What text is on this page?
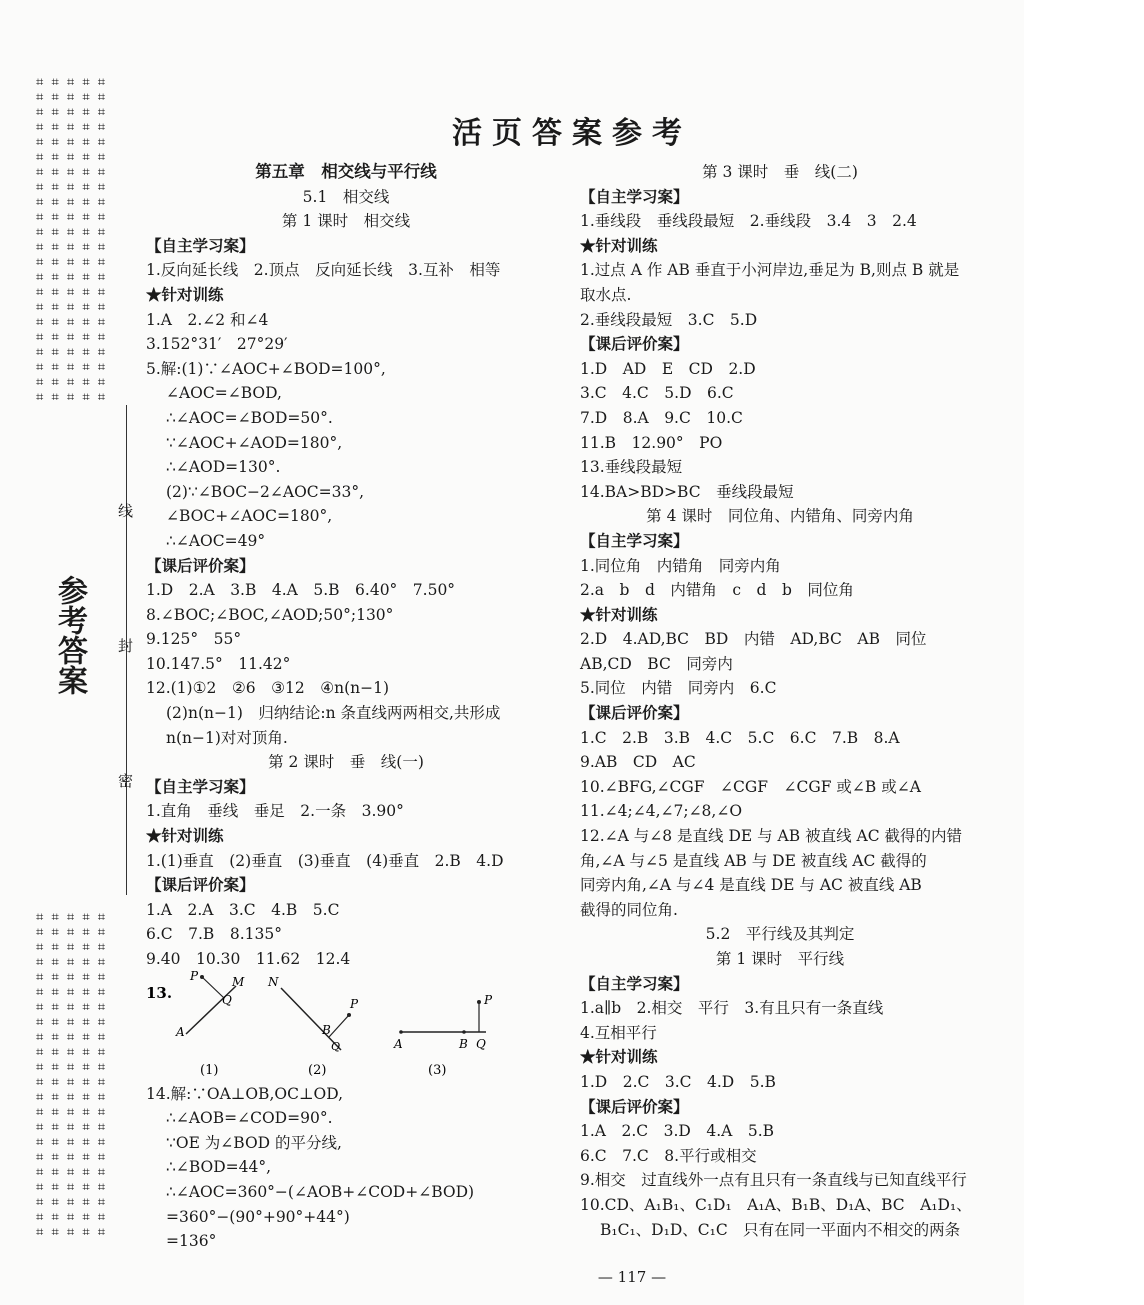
⌗ ⌗ ⌗ ⌗ ⌗
⌗ ⌗ ⌗ ⌗ ⌗
⌗ ⌗ ⌗ ⌗ ⌗
⌗ ⌗ ⌗ ⌗ ⌗
⌗ ⌗ ⌗ ⌗ ⌗
⌗ ⌗ ⌗ ⌗ ⌗
⌗ ⌗ ⌗ ⌗ ⌗
⌗ ⌗ ⌗ ⌗ ⌗
⌗ ⌗ ⌗ ⌗ ⌗
⌗ ⌗ ⌗ ⌗ ⌗
⌗ ⌗ ⌗ ⌗ ⌗
⌗ ⌗ ⌗ ⌗ ⌗
⌗ ⌗ ⌗ ⌗ ⌗
⌗ ⌗ ⌗ ⌗ ⌗
⌗ ⌗ ⌗ ⌗ ⌗
⌗ ⌗ ⌗ ⌗ ⌗
⌗ ⌗ ⌗ ⌗ ⌗
⌗ ⌗ ⌗ ⌗ ⌗
⌗ ⌗ ⌗ ⌗ ⌗
⌗ ⌗ ⌗ ⌗ ⌗
⌗ ⌗ ⌗ ⌗ ⌗
⌗ ⌗ ⌗ ⌗ ⌗

参考答案
⌗ ⌗ ⌗ ⌗ ⌗
⌗ ⌗ ⌗ ⌗ ⌗
⌗ ⌗ ⌗ ⌗ ⌗
⌗ ⌗ ⌗ ⌗ ⌗
⌗ ⌗ ⌗ ⌗ ⌗
⌗ ⌗ ⌗ ⌗ ⌗
⌗ ⌗ ⌗ ⌗ ⌗
⌗ ⌗ ⌗ ⌗ ⌗
⌗ ⌗ ⌗ ⌗ ⌗
⌗ ⌗ ⌗ ⌗ ⌗
⌗ ⌗ ⌗ ⌗ ⌗
⌗ ⌗ ⌗ ⌗ ⌗
⌗ ⌗ ⌗ ⌗ ⌗
⌗ ⌗ ⌗ ⌗ ⌗
⌗ ⌗ ⌗ ⌗ ⌗
⌗ ⌗ ⌗ ⌗ ⌗
⌗ ⌗ ⌗ ⌗ ⌗
⌗ ⌗ ⌗ ⌗ ⌗
⌗ ⌗ ⌗ ⌗ ⌗
⌗ ⌗ ⌗ ⌗ ⌗
⌗ ⌗ ⌗ ⌗ ⌗
⌗ ⌗ ⌗ ⌗ ⌗

线
封
密
活页答案参考
第五章　相交线与平行线
5.1　相交线
第 1 课时　相交线
【自主学习案】
1.反向延长线　2.顶点　反向延长线　3.互补　相等
★针对训练
1.A　2.∠2 和∠4
3.152°31′　27°29′
5.解:(1)∵∠AOC+∠BOD=100°,
∠AOC=∠BOD,
∴∠AOC=∠BOD=50°.
∵∠AOC+∠AOD=180°,
∴∠AOD=130°.
(2)∵∠BOC−2∠AOC=33°,
∠BOC+∠AOC=180°,
∴∠AOC=49°
【课后评价案】
1.D　2.A　3.B　4.A　5.B　6.40°　7.50°
8.∠BOC;∠BOC,∠AOD;50°;130°
9.125°　55°
10.147.5°　11.42°
12.(1)①2　②6　③12　④n(n−1)
(2)n(n−1)　归纳结论:n 条直线两两相交,共形成
n(n−1)对对顶角.
第 2 课时　垂　线(一)
【自主学习案】
1.直角　垂线　垂足　2.一条　3.90°
★针对训练
1.(1)垂直　(2)垂直　(3)垂直　(4)垂直　2.B　4.D
【课后评价案】
1.A　2.A　3.C　4.B　5.C
6.C　7.B　8.135°
9.40　10.30　11.62　12.4
13.
P	M
Q
A
(1)
N
P
B
Q
(2)
P
A	B Q
(3)
14.解:∵OA⊥OB,OC⊥OD,
∴∠AOB=∠COD=90°.
∵OE 为∠BOD 的平分线,
∴∠BOD=44°,
∴∠AOC=360°−(∠AOB+∠COD+∠BOD)
=360°−(90°+90°+44°)
=136°
第 3 课时　垂　线(二)
【自主学习案】
1.垂线段　垂线段最短　2.垂线段　3.4　3　2.4
★针对训练
1.过点 A 作 AB 垂直于小河岸边,垂足为 B,则点 B 就是
取水点.
2.垂线段最短　3.C　5.D
【课后评价案】
1.D　AD　E　CD　2.D
3.C　4.C　5.D　6.C
7.D　8.A　9.C　10.C
11.B　12.90°　PO
13.垂线段最短
14.BA>BD>BC　垂线段最短
第 4 课时　同位角、内错角、同旁内角
【自主学习案】
1.同位角　内错角　同旁内角
2.a　b　d　内错角　c　d　b　同位角
★针对训练
2.D　4.AD,BC　BD　内错　AD,BC　AB　同位
AB,CD　BC　同旁内
5.同位　内错　同旁内　6.C
【课后评价案】
1.C　2.B　3.B　4.C　5.C　6.C　7.B　8.A
9.AB　CD　AC
10.∠BFG,∠CGF　∠CGF　∠CGF 或∠B 或∠A
11.∠4;∠4,∠7;∠8,∠O
12.∠A 与∠8 是直线 DE 与 AB 被直线 AC 截得的内错
角,∠A 与∠5 是直线 AB 与 DE 被直线 AC 截得的
同旁内角,∠A 与∠4 是直线 DE 与 AC 被直线 AB
截得的同位角.
5.2　平行线及其判定
第 1 课时　平行线
【自主学习案】
1.a∥b　2.相交　平行　3.有且只有一条直线
4.互相平行
★针对训练
1.D　2.C　3.C　4.D　5.B
【课后评价案】
1.A　2.C　3.D　4.A　5.B
6.C　7.C　8.平行或相交
9.相交　过直线外一点有且只有一条直线与已知直线平行
10.CD、A₁B₁、C₁D₁　A₁A、B₁B、D₁A、BC　A₁D₁、
B₁C₁、D₁D、C₁C　只有在同一平面内不相交的两条
— 117 —
